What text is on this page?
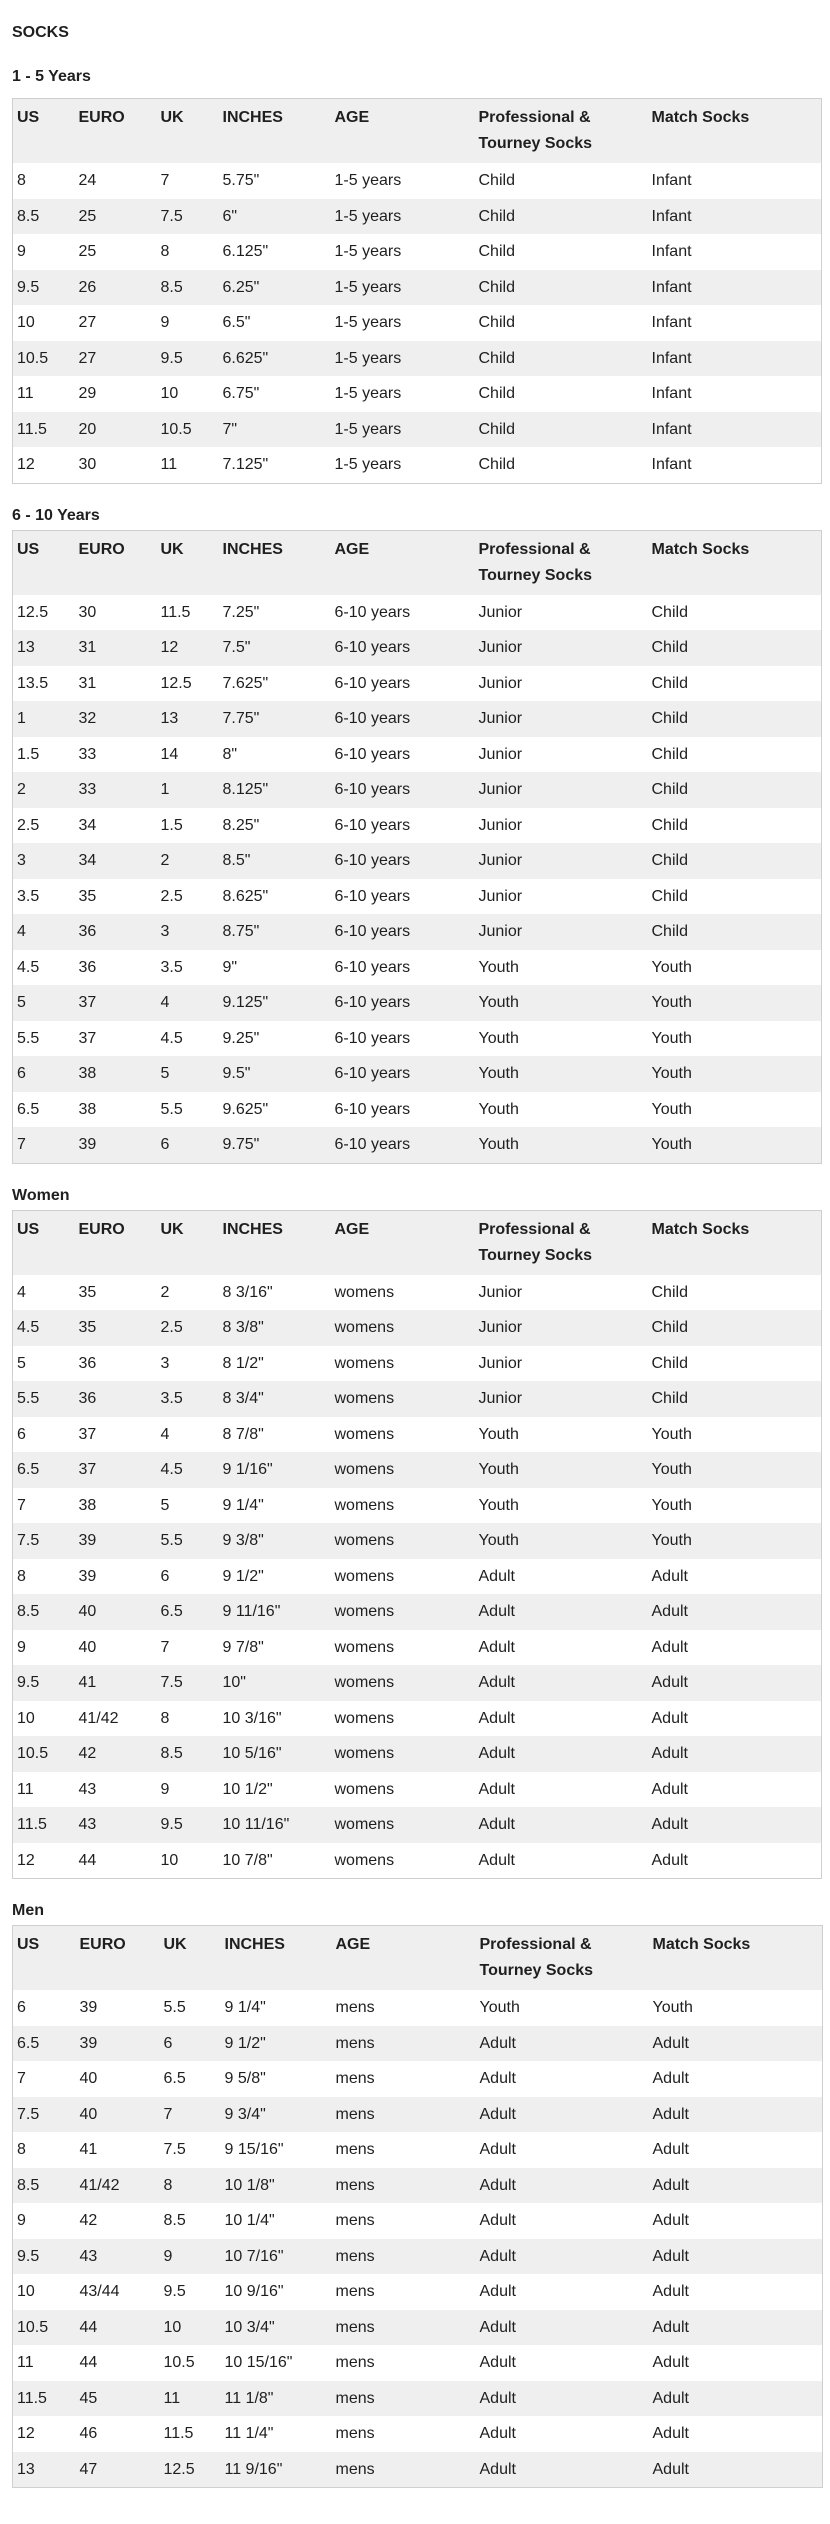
SOCKS
1 - 5 Years
US	EURO	UK	INCHES	AGE	Professional & Tourney Socks	Match Socks
8	24	7	5.75"	1-5 years	Child	Infant
8.5	25	7.5	6"	1-5 years	Child	Infant
9	25	8	6.125"	1-5 years	Child	Infant
9.5	26	8.5	6.25"	1-5 years	Child	Infant
10	27	9	6.5"	1-5 years	Child	Infant
10.5	27	9.5	6.625"	1-5 years	Child	Infant
11	29	10	6.75"	1-5 years	Child	Infant
11.5	20	10.5	7"	1-5 years	Child	Infant
12	30	11	7.125"	1-5 years	Child	Infant
6 - 10 Years
US	EURO	UK	INCHES	AGE	Professional & Tourney Socks	Match Socks
12.5	30	11.5	7.25"	6-10 years	Junior	Child
13	31	12	7.5"	6-10 years	Junior	Child
13.5	31	12.5	7.625"	6-10 years	Junior	Child
1	32	13	7.75"	6-10 years	Junior	Child
1.5	33	14	8"	6-10 years	Junior	Child
2	33	1	8.125"	6-10 years	Junior	Child
2.5	34	1.5	8.25"	6-10 years	Junior	Child
3	34	2	8.5"	6-10 years	Junior	Child
3.5	35	2.5	8.625"	6-10 years	Junior	Child
4	36	3	8.75"	6-10 years	Junior	Child
4.5	36	3.5	9"	6-10 years	Youth	Youth
5	37	4	9.125"	6-10 years	Youth	Youth
5.5	37	4.5	9.25"	6-10 years	Youth	Youth
6	38	5	9.5"	6-10 years	Youth	Youth
6.5	38	5.5	9.625"	6-10 years	Youth	Youth
7	39	6	9.75"	6-10 years	Youth	Youth
Women
US	EURO	UK	INCHES	AGE	Professional & Tourney Socks	Match Socks
4	35	2	8 3/16"	womens	Junior	Child
4.5	35	2.5	8 3/8"	womens	Junior	Child
5	36	3	8 1/2"	womens	Junior	Child
5.5	36	3.5	8 3/4"	womens	Junior	Child
6	37	4	8 7/8"	womens	Youth	Youth
6.5	37	4.5	9 1/16"	womens	Youth	Youth
7	38	5	9 1/4"	womens	Youth	Youth
7.5	39	5.5	9 3/8"	womens	Youth	Youth
8	39	6	9 1/2"	womens	Adult	Adult
8.5	40	6.5	9 11/16"	womens	Adult	Adult
9	40	7	9 7/8"	womens	Adult	Adult
9.5	41	7.5	10"	womens	Adult	Adult
10	41/42	8	10 3/16"	womens	Adult	Adult
10.5	42	8.5	10 5/16"	womens	Adult	Adult
11	43	9	10 1/2"	womens	Adult	Adult
11.5	43	9.5	10 11/16"	womens	Adult	Adult
12	44	10	10 7/8"	womens	Adult	Adult
Men
US	EURO	UK	INCHES	AGE	Professional & Tourney Socks	Match Socks
6	39	5.5	9 1/4"	mens	Youth	Youth
6.5	39	6	9 1/2"	mens	Adult	Adult
7	40	6.5	9 5/8"	mens	Adult	Adult
7.5	40	7	9 3/4"	mens	Adult	Adult
8	41	7.5	9 15/16"	mens	Adult	Adult
8.5	41/42	8	10 1/8"	mens	Adult	Adult
9	42	8.5	10 1/4"	mens	Adult	Adult
9.5	43	9	10 7/16"	mens	Adult	Adult
10	43/44	9.5	10 9/16"	mens	Adult	Adult
10.5	44	10	10 3/4"	mens	Adult	Adult
11	44	10.5	10 15/16"	mens	Adult	Adult
11.5	45	11	11 1/8"	mens	Adult	Adult
12	46	11.5	11 1/4"	mens	Adult	Adult
13	47	12.5	11 9/16"	mens	Adult	Adult
